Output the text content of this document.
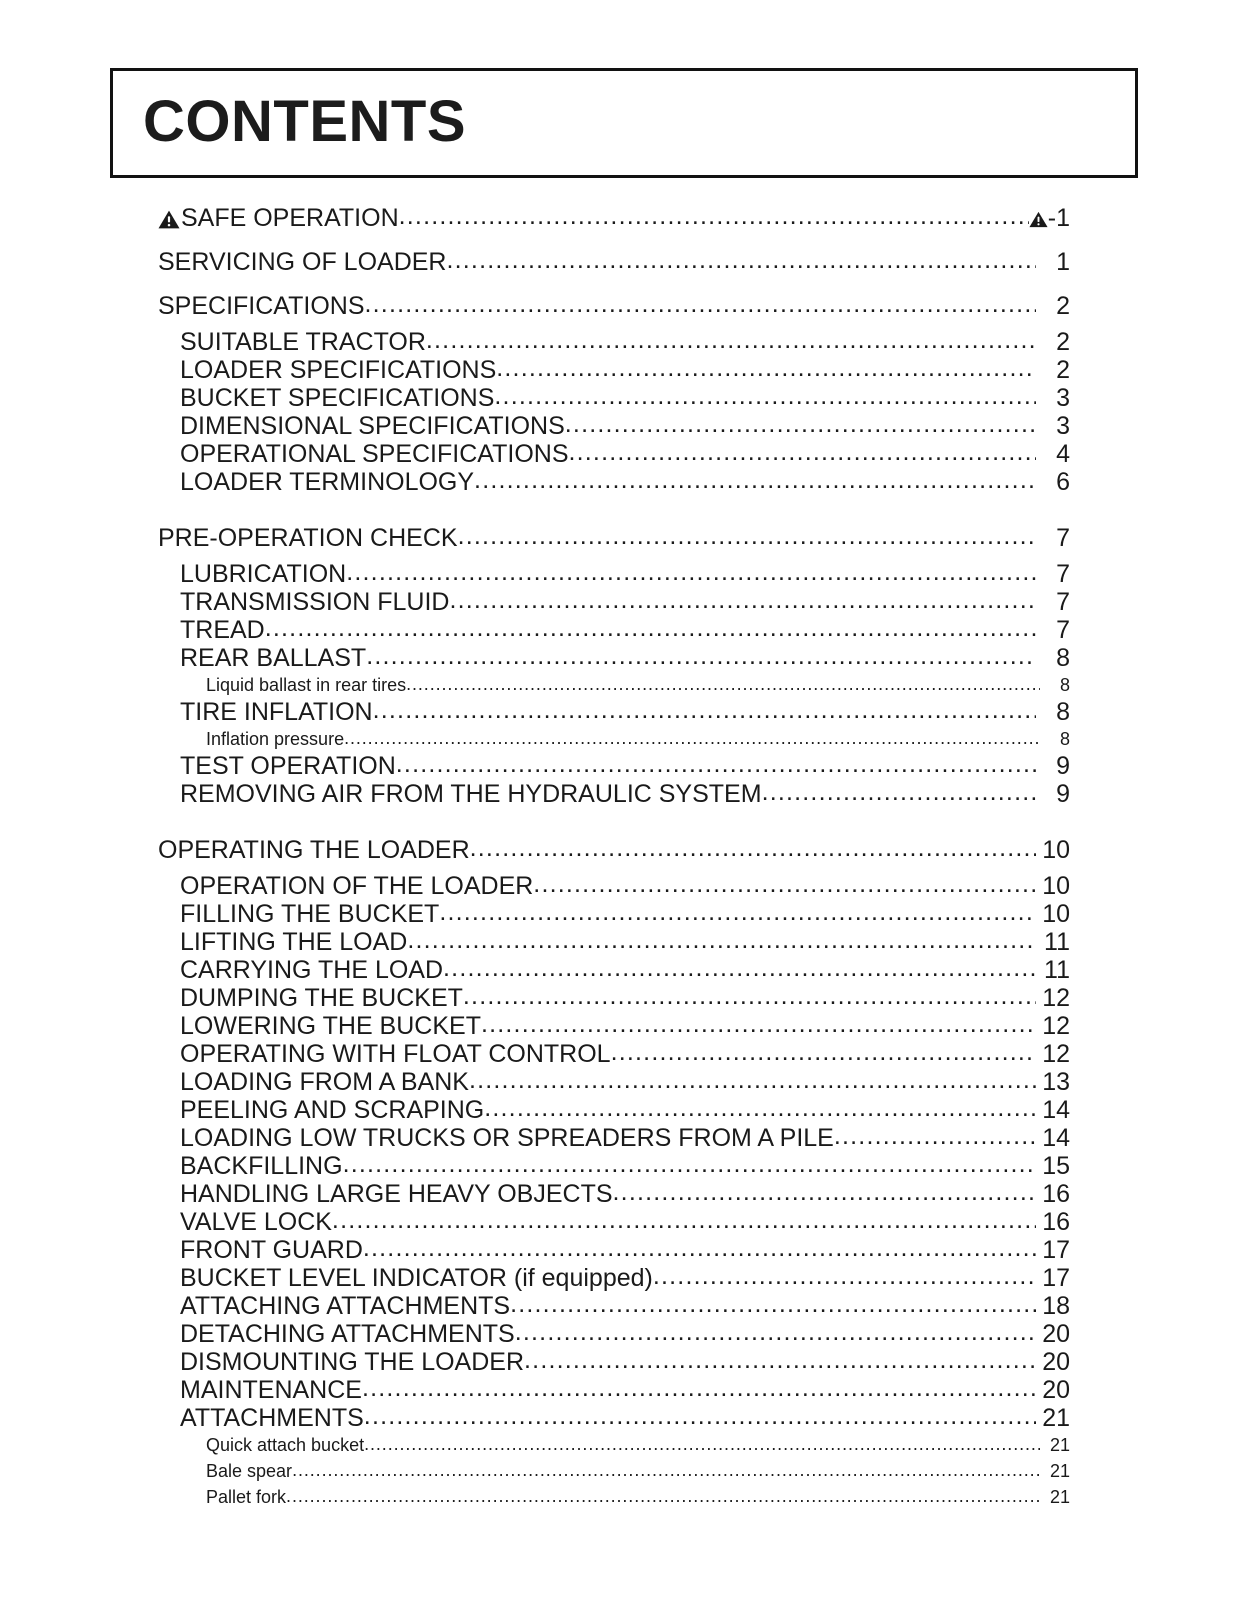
CONTENTS
SAFE OPERATION .....	-1
SERVICING OF LOADER .....	1
SPECIFICATIONS .....	2
SUITABLE TRACTOR .....	2
LOADER SPECIFICATIONS .....	2
BUCKET SPECIFICATIONS .....	3
DIMENSIONAL SPECIFICATIONS .....	3
OPERATIONAL SPECIFICATIONS .....	4
LOADER TERMINOLOGY .....	6
PRE-OPERATION CHECK .....	7
LUBRICATION .....	7
TRANSMISSION FLUID .....	7
TREAD .....	7
REAR BALLAST .....	8
Liquid ballast in rear tires .....	8
TIRE INFLATION .....	8
Inflation pressure .....	8
TEST OPERATION .....	9
REMOVING AIR FROM THE HYDRAULIC SYSTEM .....	9
OPERATING THE LOADER .....	10
OPERATION OF THE LOADER .....	10
FILLING THE BUCKET .....	10
LIFTING THE LOAD .....	11
CARRYING THE LOAD .....	11
DUMPING THE BUCKET .....	12
LOWERING THE BUCKET .....	12
OPERATING WITH FLOAT CONTROL .....	12
LOADING FROM A BANK .....	13
PEELING AND SCRAPING .....	14
LOADING LOW TRUCKS OR SPREADERS FROM A PILE .....	14
BACKFILLING .....	15
HANDLING LARGE HEAVY OBJECTS .....	16
VALVE LOCK .....	16
FRONT GUARD .....	17
BUCKET LEVEL INDICATOR (if equipped) .....	17
ATTACHING ATTACHMENTS .....	18
DETACHING ATTACHMENTS .....	20
DISMOUNTING THE LOADER .....	20
MAINTENANCE .....	20
ATTACHMENTS .....	21
Quick attach bucket .....	21
Bale spear .....	21
Pallet fork .....	21
